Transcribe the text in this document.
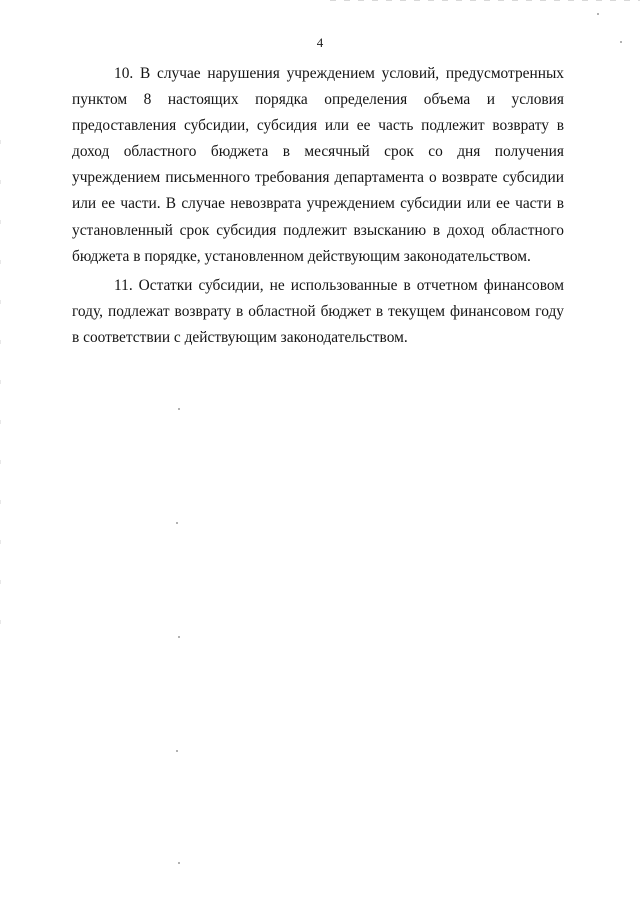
4

10. В случае нарушения учреждением условий, предусмотренных пунктом 8 настоящих порядка определения объема и условия предоставления субсидии, субсидия или ее часть подлежит возврату в доход областного бюджета в месячный срок со дня получения учреждением письменного требования департамента о возврате субсидии или ее части. В случае невозврата учреждением субсидии или ее части в установленный срок субсидия подлежит взысканию в доход областного бюджета в порядке, установленном действующим законодательством.

11. Остатки субсидии, не использованные в отчетном финансовом году, подлежат возврату в областной бюджет в текущем финансовом году в соответствии с действующим законодательством.
